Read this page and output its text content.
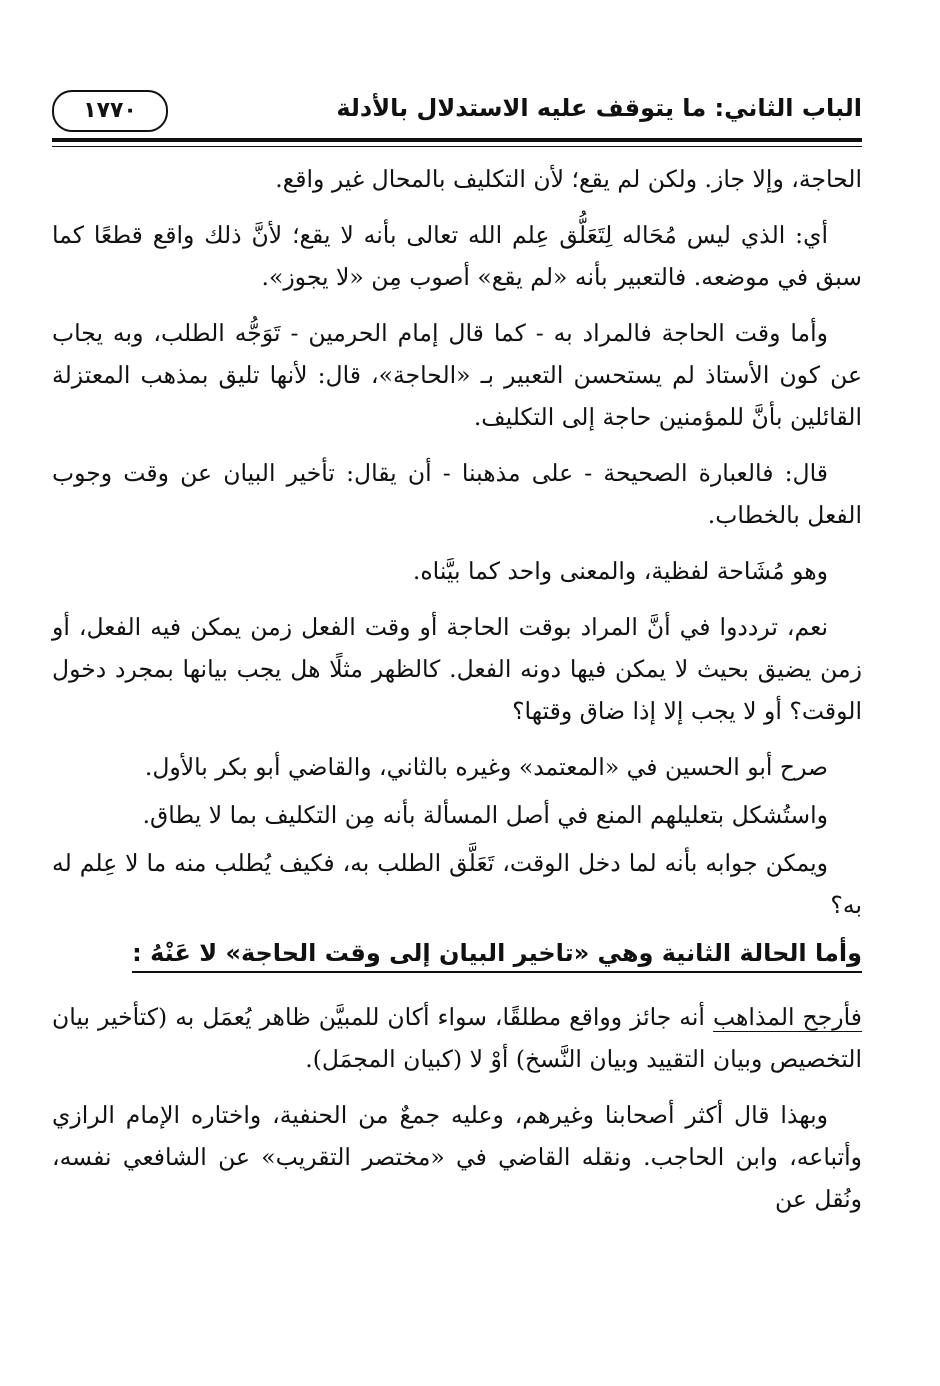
الباب الثاني: ما يتوقف عليه الاستدلال بالأدلة
١٧٧٠

الحاجة، وإلا جاز. ولكن لم يقع؛ لأن التكليف بالمحال غير واقع.

أي: الذي ليس مُحَاله لِتَعَلُّق عِلم الله تعالى بأنه لا يقع؛ لأنَّ ذلك واقع قطعًا كما سبق في موضعه. فالتعبير بأنه «لم يقع» أصوب مِن «لا يجوز».

وأما وقت الحاجة فالمراد به - كما قال إمام الحرمين - تَوَجُّه الطلب، وبه يجاب عن كون الأستاذ لم يستحسن التعبير بـ «الحاجة»، قال: لأنها تليق بمذهب المعتزلة القائلين بأنَّ للمؤمنين حاجة إلى التكليف.

قال: فالعبارة الصحيحة - على مذهبنا - أن يقال: تأخير البيان عن وقت وجوب الفعل بالخطاب.

وهو مُشَاحة لفظية، والمعنى واحد كما بيَّناه.

نعم، ترددوا في أنَّ المراد بوقت الحاجة أو وقت الفعل زمن يمكن فيه الفعل، أو زمن يضيق بحيث لا يمكن فيها دونه الفعل. كالظهر مثلًا هل يجب بيانها بمجرد دخول الوقت؟ أو لا يجب إلا إذا ضاق وقتها؟

صرح أبو الحسين في «المعتمد» وغيره بالثاني، والقاضي أبو بكر بالأول.

واستُشكل بتعليلهم المنع في أصل المسألة بأنه مِن التكليف بما لا يطاق.

ويمكن جوابه بأنه لما دخل الوقت، تَعَلَّق الطلب به، فكيف يُطلب منه ما لا عِلم له به؟

وأما الحالة الثانية وهي «تاخير البيان إلى وقت الحاجة» لا عَنْهُ :

فأرجح المذاهب أنه جائز وواقع مطلقًا، سواء أكان للمبيَّن ظاهر يُعمَل به (كتأخير بيان التخصيص وبيان التقييد وبيان النَّسخ) أوْ لا (كبيان المجمَل).

وبهذا قال أكثر أصحابنا وغيرهم، وعليه جمعٌ من الحنفية، واختاره الإمام الرازي وأتباعه، وابن الحاجب. ونقله القاضي في «مختصر التقريب» عن الشافعي نفسه، ونُقل عن
